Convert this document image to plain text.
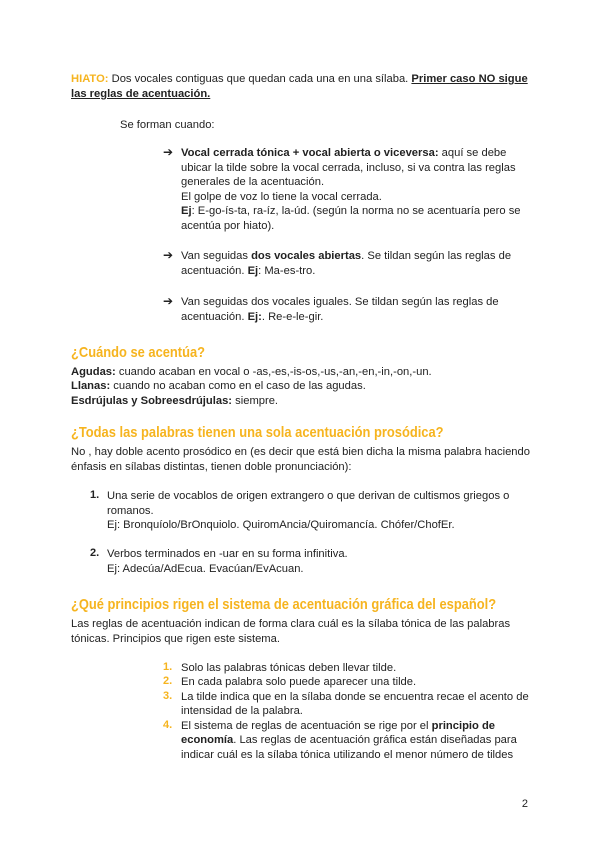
HIATO: Dos vocales contiguas que quedan cada una en una sílaba. Primer caso NO sigue
las reglas de acentuación.
Se forman cuando:
➔ Vocal cerrada tónica + vocal abierta o viceversa: aquí se debe
ubicar la tilde sobre la vocal cerrada, incluso, si va contra las reglas
generales de la acentuación.
El golpe de voz lo tiene la vocal cerrada.
Ej: E-go-ís-ta, ra-íz, la-úd. (según la norma no se acentuaría pero se
acentúa por hiato).
➔ Van seguidas dos vocales abiertas. Se tildan según las reglas de
acentuación. Ej: Ma-es-tro.
➔ Van seguidas dos vocales iguales. Se tildan según las reglas de
acentuación. Ej:. Re-e-le-gir.
¿Cuándo se acentúa?
Agudas: cuando acaban en vocal o -as,-es,-is-os,-us,-an,-en,-in,-on,-un.
Llanas: cuando no acaban como en el caso de las agudas.
Esdrújulas y Sobreesdrújulas: siempre.
¿Todas las palabras tienen una sola acentuación prosódica?
No , hay doble acento prosódico en (es decir que está bien dicha la misma palabra haciendo
énfasis en sílabas distintas, tienen doble pronunciación):
1. Una serie de vocablos de origen extrangero o que derivan de cultismos griegos o
romanos.
Ej: Bronquíolo/BrOnquiolo. QuiromAncia/Quiromancía. Chófer/ChofEr.
2. Verbos terminados en -uar en su forma infinitiva.
Ej: Adecúa/AdEcua. Evacúan/EvAcuan.
¿Qué principios rigen el sistema de acentuación gráfica del español?
Las reglas de acentuación indican de forma clara cuál es la sílaba tónica de las palabras
tónicas. Principios que rigen este sistema.
1. Solo las palabras tónicas deben llevar tilde.
2. En cada palabra solo puede aparecer una tilde.
3. La tilde indica que en la sílaba donde se encuentra recae el acento de
intensidad de la palabra.
4. El sistema de reglas de acentuación se rige por el principio de
economía. Las reglas de acentuación gráfica están diseñadas para
indicar cuál es la sílaba tónica utilizando el menor número de tildes
2
